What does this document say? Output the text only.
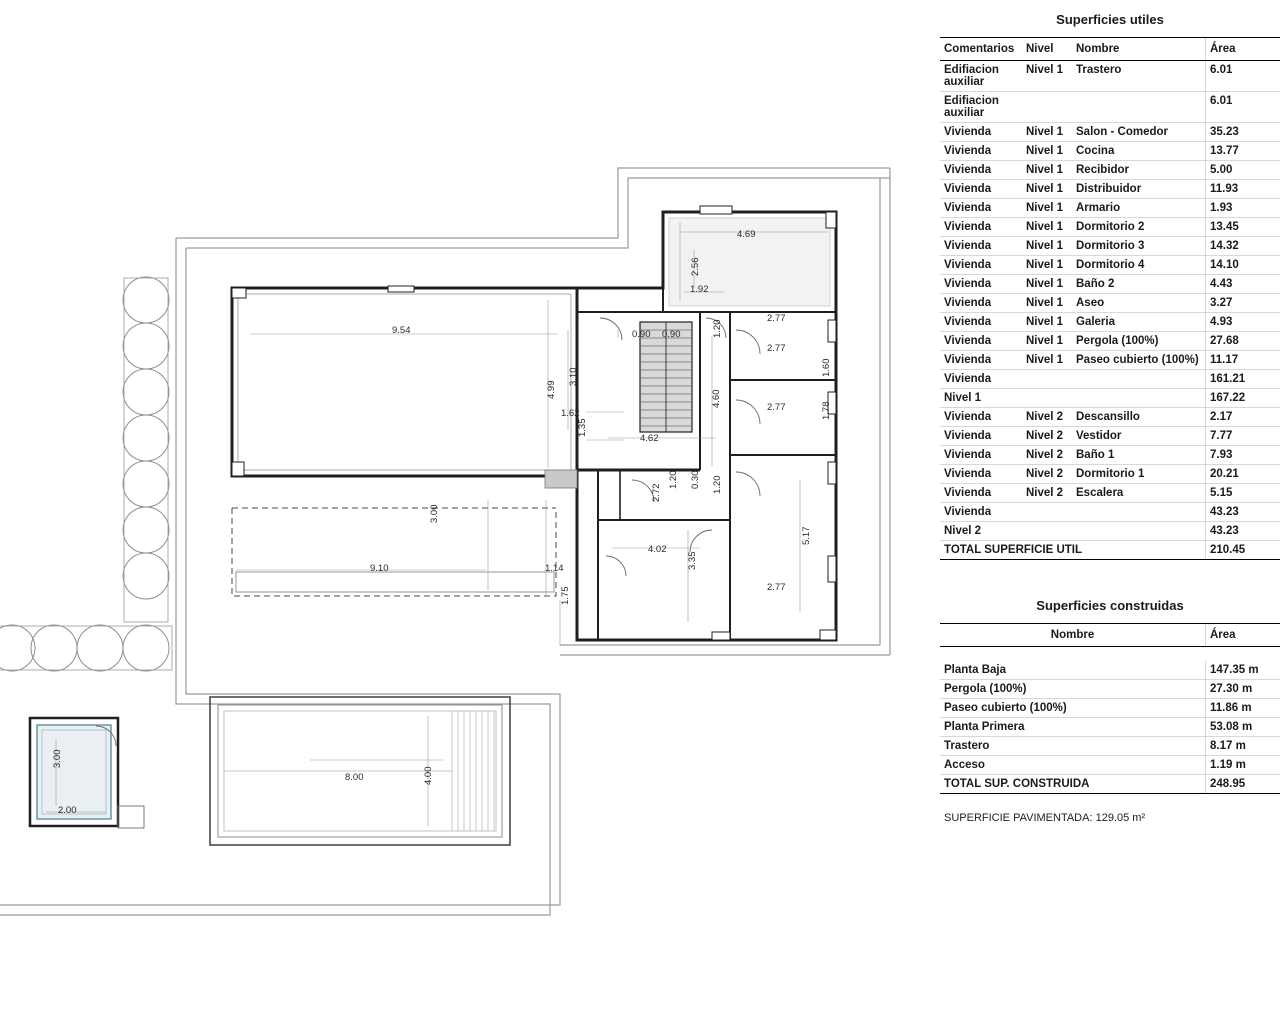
4.69
2.56
1.92
9.54
4.99
3.10
0.90 0.90	1.20
2.77
2.77
1.60
1.62
4.60	2.77	1.78
1.35
4.62
3.00
1.20 0.30 1.20
2.72
9.10	1.14
4.02
3.35
5.17
2.77
1.75
8.00	4.00
3.00
2.00
Superficies utiles
Comentarios	Nivel	Nombre	Área
Edifiacion auxiliar	Nivel 1	Trastero	6.01
Edifiacion auxiliar			6.01
Vivienda	Nivel 1	Salon - Comedor	35.23
Vivienda	Nivel 1	Cocina	13.77
Vivienda	Nivel 1	Recibidor	5.00
Vivienda	Nivel 1	Distribuidor	11.93
Vivienda	Nivel 1	Armario	1.93
Vivienda	Nivel 1	Dormitorio 2	13.45
Vivienda	Nivel 1	Dormitorio 3	14.32
Vivienda	Nivel 1	Dormitorio 4	14.10
Vivienda	Nivel 1	Baño 2	4.43
Vivienda	Nivel 1	Aseo	3.27
Vivienda	Nivel 1	Galeria	4.93
Vivienda	Nivel 1	Pergola (100%)	27.68
Vivienda	Nivel 1	Paseo cubierto (100%)	11.17
Vivienda			161.21
Nivel 1			167.22
Vivienda	Nivel 2	Descansillo	2.17
Vivienda	Nivel 2	Vestidor	7.77
Vivienda	Nivel 2	Baño 1	7.93
Vivienda	Nivel 2	Dormitorio 1	20.21
Vivienda	Nivel 2	Escalera	5.15
Vivienda			43.23
Nivel 2			43.23
TOTAL SUPERFICIE UTIL			210.45
Superficies construidas
Nombre	Área

Planta Baja	147.35 m
Pergola (100%)	27.30 m
Paseo cubierto (100%)	11.86 m
Planta Primera	53.08 m
Trastero	8.17 m
Acceso	1.19 m
TOTAL SUP. CONSTRUIDA	248.95
SUPERFICIE PAVIMENTADA: 129.05 m²
